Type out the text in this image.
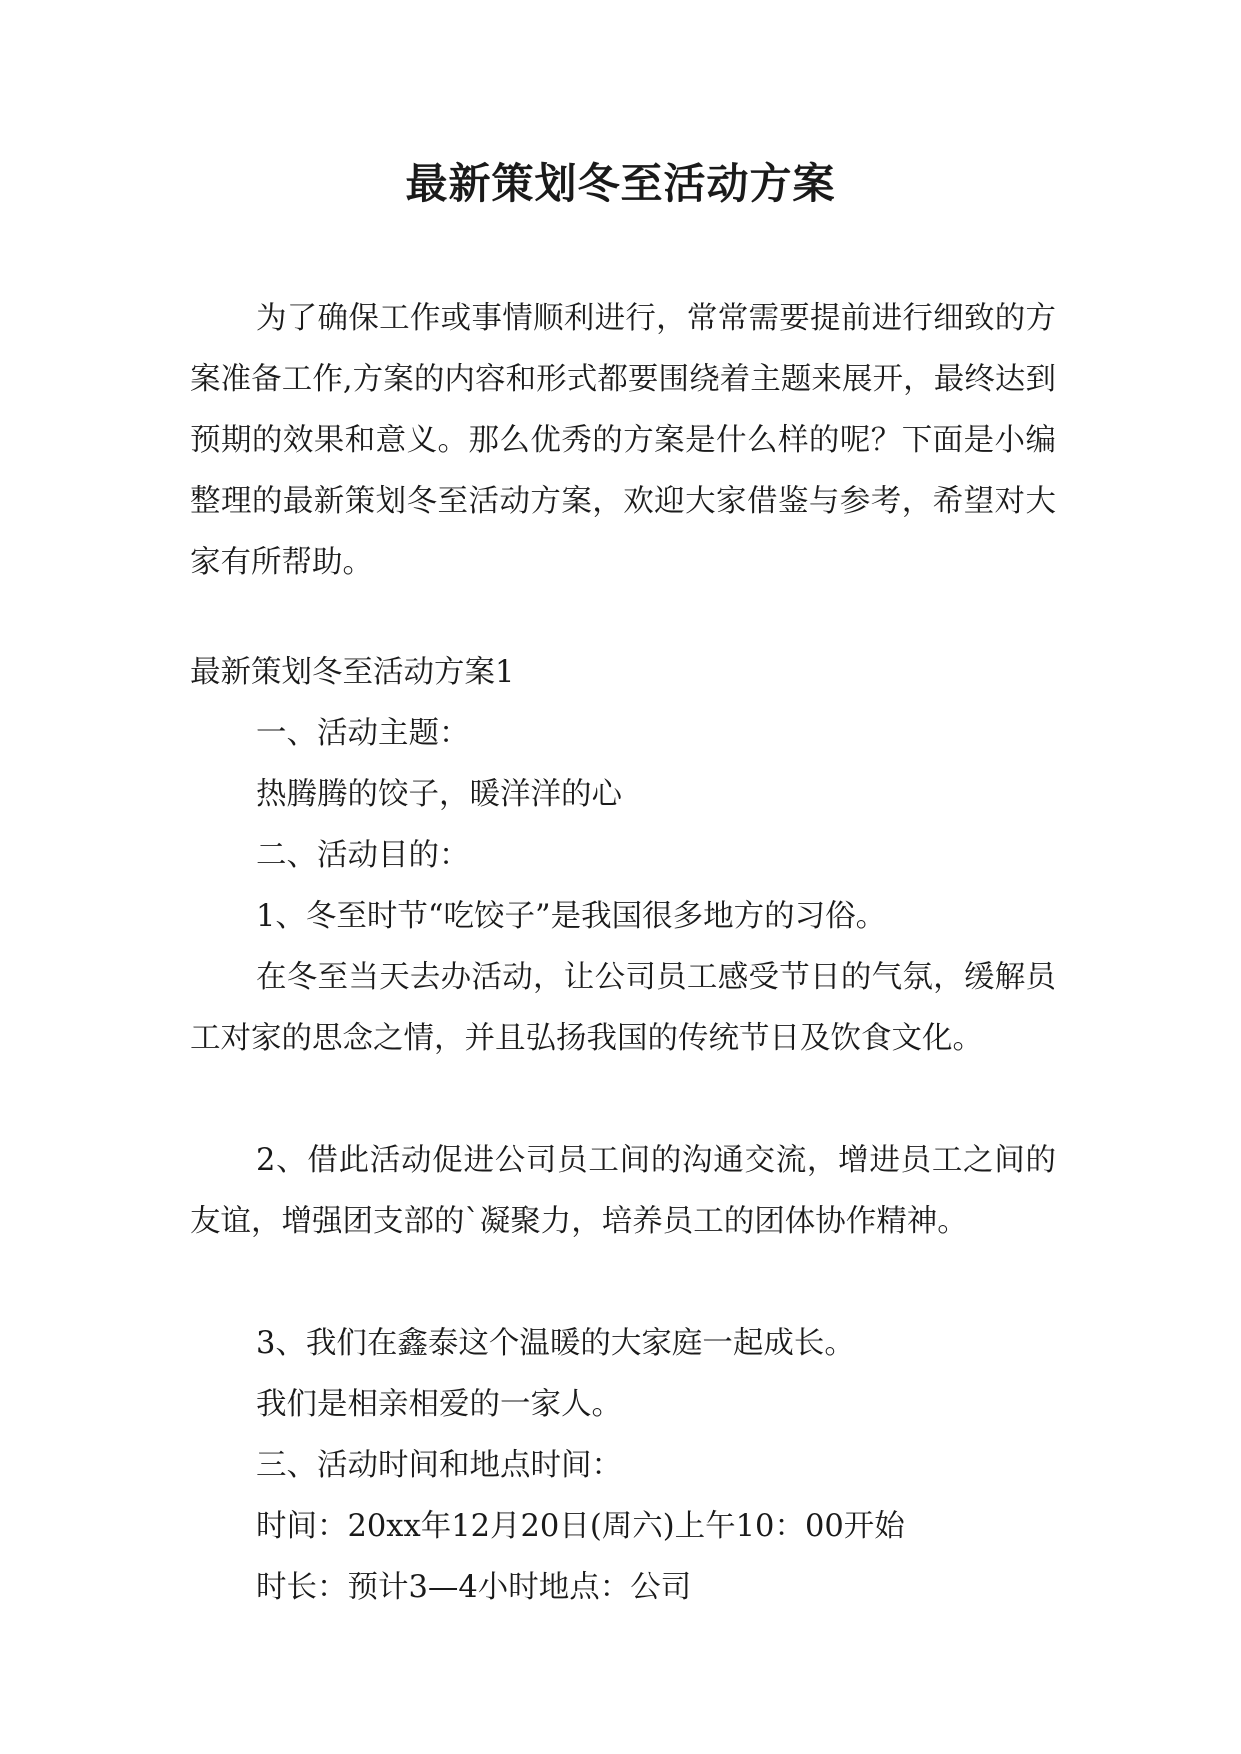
最新策划冬至活动方案

为了确保工作或事情顺利进行，常常需要提前进行细致的方案准备工作,方案的内容和形式都要围绕着主题来展开，最终达到预期的效果和意义。那么优秀的方案是什么样的呢？下面是小编整理的最新策划冬至活动方案，欢迎大家借鉴与参考，希望对大家有所帮助。

最新策划冬至活动方案1

一、活动主题：

热腾腾的饺子，暖洋洋的心

二、活动目的：

1、冬至时节“吃饺子”是我国很多地方的习俗。

在冬至当天去办活动，让公司员工感受节日的气氛，缓解员工对家的思念之情，并且弘扬我国的传统节日及饮食文化。

2、借此活动促进公司员工间的沟通交流，增进员工之间的友谊，增强团支部的`凝聚力，培养员工的团体协作精神。

3、我们在鑫泰这个温暖的大家庭一起成长。

我们是相亲相爱的一家人。

三、活动时间和地点时间：

时间：20xx年12月20日(周六)上午10：00开始

时长：预计3—4小时地点：公司
